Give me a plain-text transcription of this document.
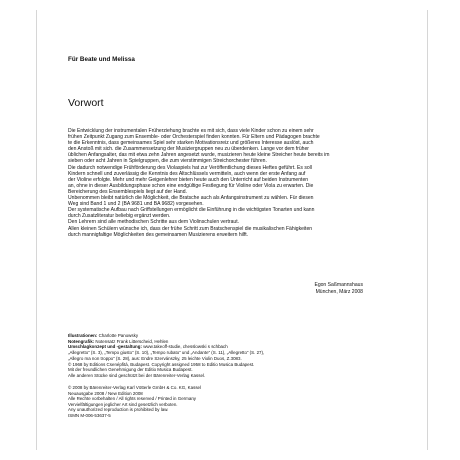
Für Beate und Melissa
Vorwort

Die Entwicklung der instrumentalen Früherziehung brachte es mit sich, dass viele Kinder schon zu einem sehr
frühen Zeitpunkt Zugang zum Ensemble- oder Orchesterspiel finden konnten. Für Eltern und Pädagogen brachte
te die Erkenntnis, dass gemeinsames Spiel sehr starken Motivationsreiz und größeres Interesse auslöst, auch
den Anstoß mit sich. die Zusammensetzung der Musiziergruppen neu zu überdenken. Lange vor dem früher
üblichen Anfangsalter, das mit etwa zehn Jahren angesetzt wurde, musizieren heute kleine Streicher heute bereits im
sieben oder acht Jahren in Spielgruppen, die zum vierstimmigen Streichorchester führen.
Die dadurch notwendige Frühförderung des Violaspiels hat zur Veröffentlichung dieses Heftes geführt. Es soll
Kindern schnell und zuverlässig die Kenntnis des Altschlüssels vermitteln, auch wenn der erste Anfang auf
der Violine erfolgte. Mehr und mehr Geigenlehrer bieten heute auch den Unterricht auf beiden Instrumenten
an, ohne in dieser Ausbildungsphase schon eine endgültige Festlegung für Violine oder Viola zu erwarten. Die
Bereicherung des Ensemblespiels liegt auf der Hand.
Unbenommen bleibt natürlich die Möglichkeit, die Bratsche auch als Anfangsinstrument zu wählen. Für diesen
Weg sind Band 1 und 2 (BA 9681 und BA 9682) vorgesehen.
Der systematische Aufbau nach Griffstellungen ermöglicht die Einführung in die wichtigsten Tonarten und kann
durch Zusatzliteratur beliebig ergänzt werden.
Den Lehrern sind alle methodischen Schritte aus dem Violinschulen vertraut.
Allen kleinen Schülern wünsche ich, dass der frühe Schritt zum Bratschenspiel die musikalischen Fähigkeiten
durch mannigfaltige Möglichkeiten des gemeinsamen Musizierens erweitern hilft.

Egon Saßmannshaus
München, März 2008
Illustrationen: Charlotte Panowsky
Notengrafik: Notensatz Frank Litterscheid, Hehlen
Umschlagkonzept und -gestaltung: www.takeoff-studie, chesslowski s schbach
„Allegretto“ (S. 3), „Tempo giusto“ (S. 10), „Tempo rubato“ und „Andante“ (S. 11), „Allegretto“ (S. 27),
„Allegro ma non troppo“ (S. 28), aus: Endre Szervánszky, 25 leichte Violin Duos, Z.3083.
© 1968 by Editions Csenépfitá, Budapest. Copyright assigned 1958 to Editio Musica Budapest.
Mit der freundlichen Genehmigung der Editio Musica Budapest.
Alle anderen Stücke sind geschützt bei der Bärenreiter-Verlag Kassel.
© 2008 by Bärenreiter-Verlag Karl Vötterle GmbH & Co. KG, Kassel
Neuausgabe 2008 / New Edition 2008
Alle Rechte vorbehalten / All rights reserved / Printed in Germany
Vervielfältigungen jeglicher Art sind gesetzlich verboten.
Any unauthorized reproduction is prohibited by law.
ISMN M-006-53637-5
